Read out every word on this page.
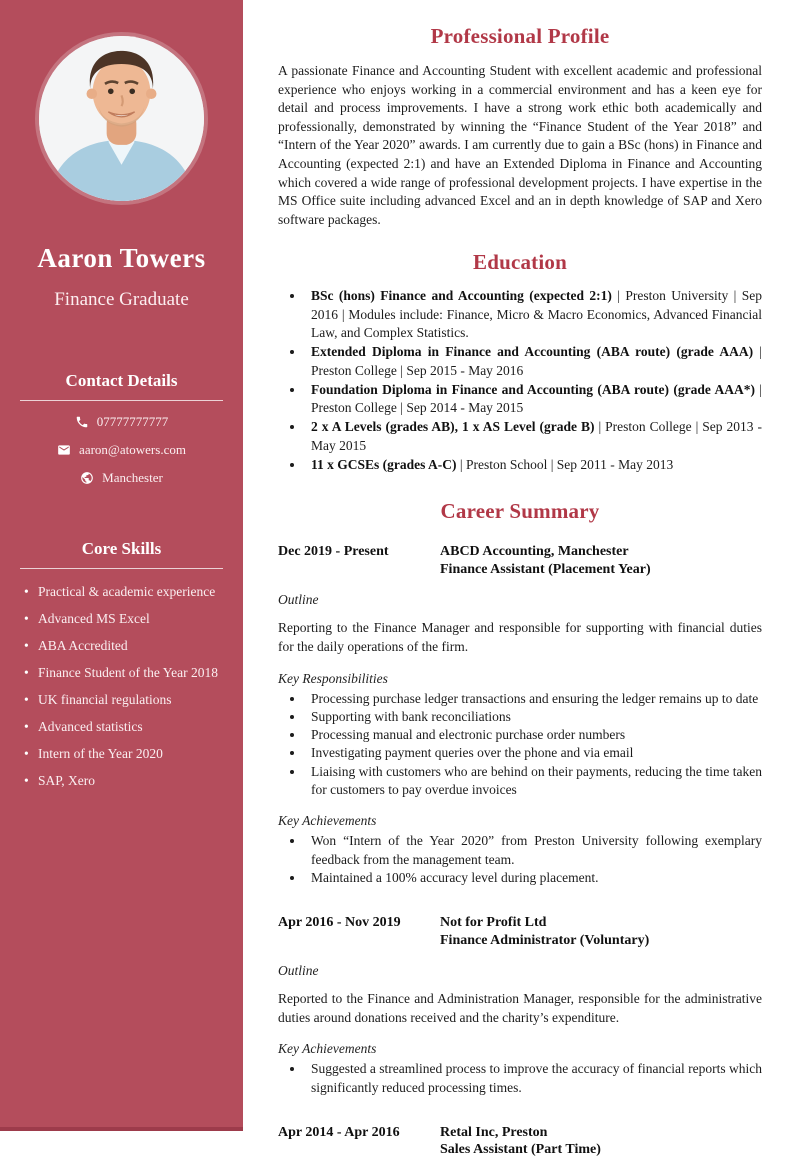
Aaron Towers
Finance Graduate
Contact Details
07777777777
aaron@atowers.com
Manchester
Core Skills
• Practical & academic experience
• Advanced MS Excel
• ABA Accredited
• Finance Student of the Year 2018
• UK financial regulations
• Advanced statistics
• Intern of the Year 2020
• SAP, Xero
Professional Profile

A passionate Finance and Accounting Student with excellent academic and professional experience who enjoys working in a commercial environment and has a keen eye for detail and process improvements. I have a strong work ethic both academically and professionally, demonstrated by winning the “Finance Student of the Year 2018” and “Intern of the Year 2020” awards. I am currently due to gain a BSc (hons) in Finance and Accounting (expected 2:1) and have an Extended Diploma in Finance and Accounting which covered a wide range of professional development projects. I have expertise in the MS Office suite including advanced Excel and an in depth knowledge of SAP and Xero software packages.

Education
• BSc (hons) Finance and Accounting (expected 2:1) | Preston University | Sep 2016 | Modules include: Finance, Micro & Macro Economics, Advanced Financial Law, and Complex Statistics.
• Extended Diploma in Finance and Accounting (ABA route) (grade AAA) | Preston College | Sep 2015 - May 2016
• Foundation Diploma in Finance and Accounting (ABA route) (grade AAA*) | Preston College | Sep 2014 - May 2015
• 2 x A Levels (grades AB), 1 x AS Level (grade B) | Preston College | Sep 2013 - May 2015
• 11 x GCSEs (grades A-C) | Preston School | Sep 2011 - May 2013
Career Summary
Dec 2019 - Present	ABCD Accounting, Manchester
Finance Assistant (Placement Year)
Outline

Reporting to the Finance Manager and responsible for supporting with financial duties for the daily operations of the firm.

Key Responsibilities
• Processing purchase ledger transactions and ensuring the ledger remains up to date
• Supporting with bank reconciliations
• Processing manual and electronic purchase order numbers
• Investigating payment queries over the phone and via email
• Liaising with customers who are behind on their payments, reducing the time taken for customers to pay overdue invoices
Key Achievements
• Won “Intern of the Year 2020” from Preston University following exemplary feedback from the management team.
• Maintained a 100% accuracy level during placement.
Apr 2016 - Nov 2019	Not for Profit Ltd
Finance Administrator (Voluntary)
Outline

Reported to the Finance and Administration Manager, responsible for the administrative duties around donations received and the charity’s expenditure.

Key Achievements
• Suggested a streamlined process to improve the accuracy of financial reports which significantly reduced processing times.
Apr 2014 - Apr 2016	Retal Inc, Preston
Sales Assistant (Part Time)
